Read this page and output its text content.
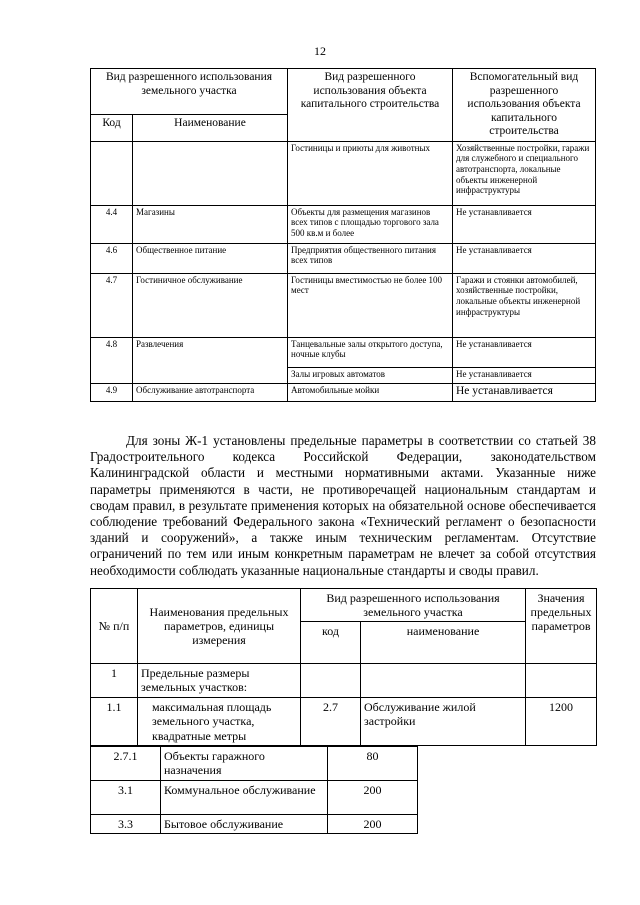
12
Вид разрешенного использования земельного участка		Вид разрешенного использования объекта капитального строительства	Вспомогательный вид разрешенного использования объекта капитального строительства
Код	Наименование		
		Гостиницы и приюты для животных	Хозяйственные постройки, гаражи для служебного и специального автотранспорта, локальные объекты инженерной инфраструктуры
4.4	Магазины	Объекты для размещения магазинов всех типов с площадью торгового зала 500 кв.м и более	Не устанавливается
4.6	Общественное питание	Предприятия общественного питания всех типов	Не устанавливается
4.7	Гостиничное обслуживание	Гостиницы вместимостью не более 100 мест	Гаражи и стоянки автомобилей, хозяйственные постройки, локальные объекты инженерной инфраструктуры
4.8	Развлечения	Танцевальные залы открытого доступа, ночные клубы	Не устанавливается
		Залы игровых автоматов	Не устанавливается
4.9	Обслуживание автотранспорта	Автомобильные мойки	Не устанавливается

Для зоны Ж-1 установлены предельные параметры в соответствии со статьей 38 Градостроительного кодекса Российской Федерации, законодательством Калининградской области и местными нормативными актами. Указанные ниже параметры применяются в части, не противоречащей национальным стандартам и сводам правил, в результате применения которых на обязательной основе обеспечивается соблюдение требований Федерального закона «Технический регламент о безопасности зданий и сооружений», а также иным техническим регламентам. Отсутствие ограничений по тем или иным конкретным параметрам не влечет за собой отсутствия необходимости соблюдать указанные национальные стандарты и своды правил.

№ п/п	Наименования предельных параметров, единицы измерения	Вид разрешенного использования земельного участка		Значения предельных параметров
		код	наименование	
1	Предельные размеры земельных участков:			
1.1	максимальная площадь земельного участка, квадратные метры	2.7	Обслуживание жилой застройки	1200
2.7.1	Объекты гаражного назначения	80
3.1	Коммунальное обслуживание	200
3.3	Бытовое обслуживание	200
